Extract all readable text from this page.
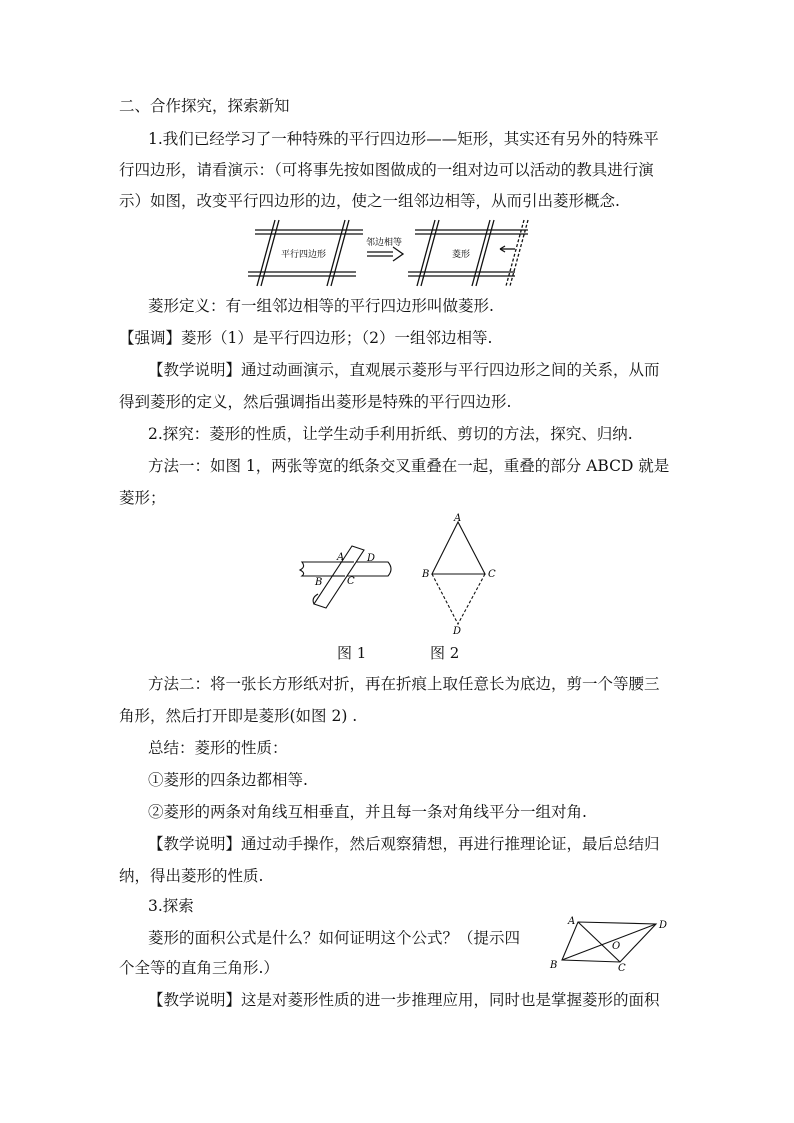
二、合作探究，探索新知
1.我们已经学习了一种特殊的平行四边形——矩形，其实还有另外的特殊平
行四边形，请看演示：（可将事先按如图做成的一组对边可以活动的教具进行演
示）如图，改变平行四边形的边，使之一组邻边相等，从而引出菱形概念.
平行四边形
邻边相等
菱形
菱形定义：有一组邻边相等的平行四边形叫做菱形.
【强调】菱形（1）是平行四边形；（2）一组邻边相等.
【教学说明】通过动画演示，直观展示菱形与平行四边形之间的关系，从而
得到菱形的定义，然后强调指出菱形是特殊的平行四边形.
2.探究：菱形的性质，让学生动手利用折纸、剪切的方法，探究、归纳.
方法一：如图 1，两张等宽的纸条交叉重叠在一起，重叠的部分 ABCD 就是
菱形；
A D
B C
A
B	C
D
图 1	图 2
方法二：将一张长方形纸对折，再在折痕上取任意长为底边，剪一个等腰三
角形，然后打开即是菱形(如图 2) .
总结：菱形的性质：
①菱形的四条边都相等.
②菱形的两条对角线互相垂直，并且每一条对角线平分一组对角.
【教学说明】通过动手操作，然后观察猜想，再进行推理论证，最后总结归
纳，得出菱形的性质.
3.探索
菱形的面积公式是什么？如何证明这个公式？（提示四
个全等的直角三角形.）
A	D
B	C
O
【教学说明】这是对菱形性质的进一步推理应用，同时也是掌握菱形的面积
